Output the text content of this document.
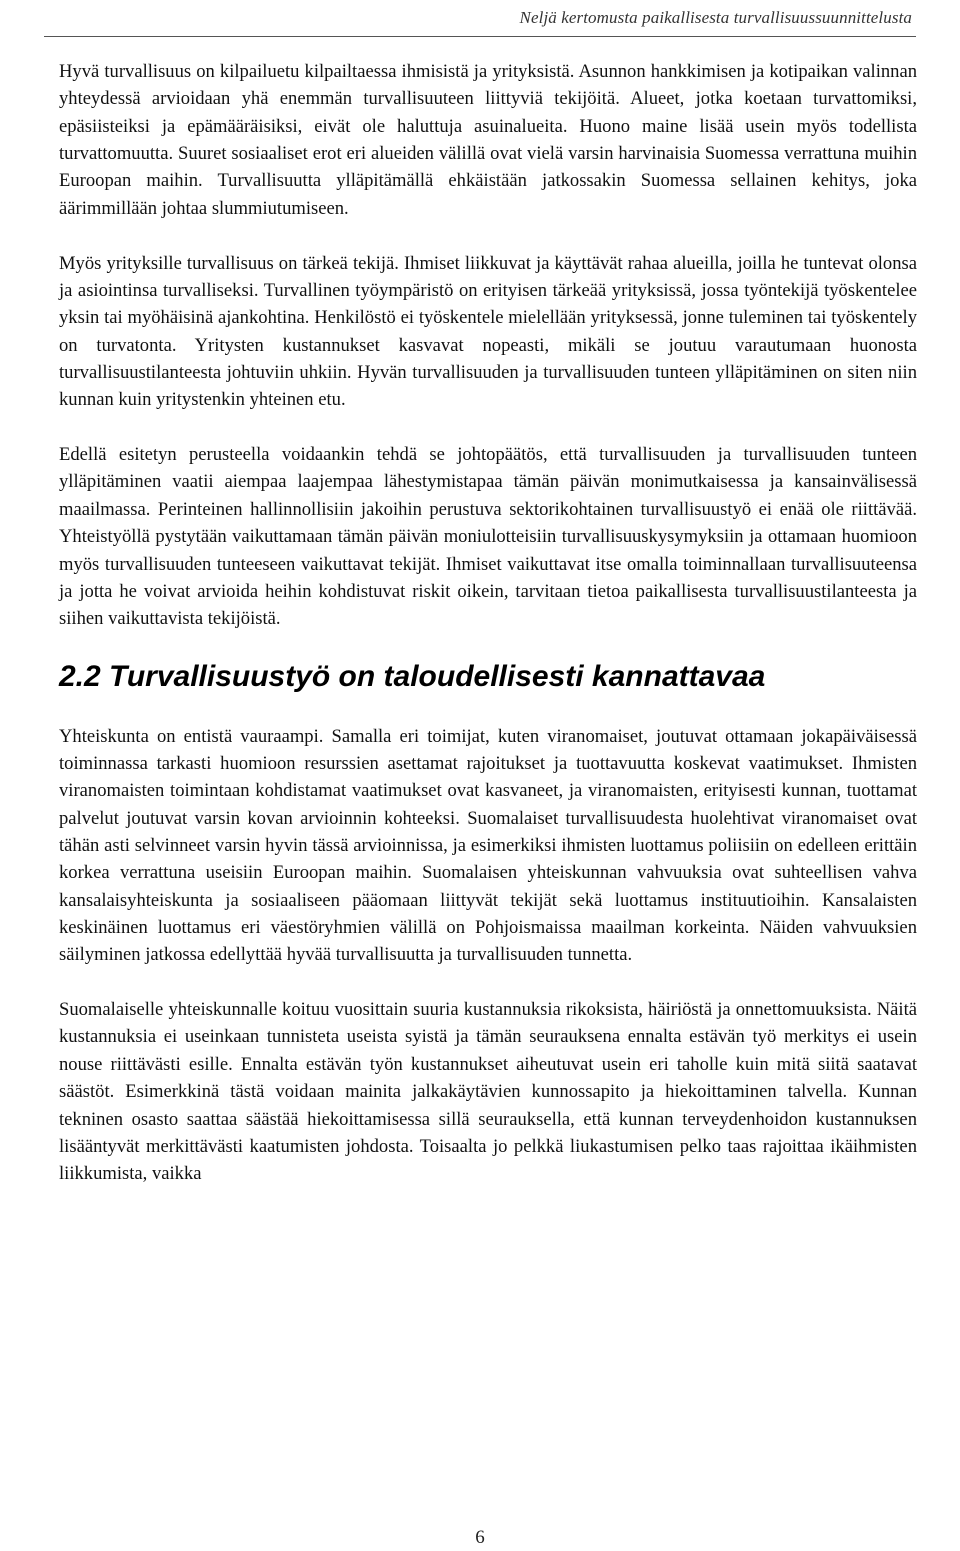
Neljä kertomusta paikallisesta turvallisuussuunnittelusta

Hyvä turvallisuus on kilpailuetu kilpailtaessa ihmisistä ja yrityksistä. Asunnon hankkimisen ja kotipaikan valinnan yhteydessä arvioidaan yhä enemmän turvallisuuteen liittyviä tekijöitä. Alueet, jotka koetaan turvattomiksi, epäsiisteiksi ja epämääräisiksi, eivät ole haluttuja asuinalueita. Huono maine lisää usein myös todellista turvattomuutta. Suuret sosiaaliset erot eri alueiden välillä ovat vielä varsin harvinaisia Suomessa verrattuna muihin Euroopan maihin. Turvallisuutta ylläpitämällä ehkäistään jatkossakin Suomessa sellainen kehitys, joka äärimmillään johtaa slummiutumiseen.

Myös yrityksille turvallisuus on tärkeä tekijä. Ihmiset liikkuvat ja käyttävät rahaa alueilla, joilla he tuntevat olonsa ja asiointinsa turvalliseksi. Turvallinen työympäristö on erityisen tärkeää yrityksissä, jossa työntekijä työskentelee yksin tai myöhäisinä ajankohtina. Henkilöstö ei työskentele mielellään yrityksessä, jonne tuleminen tai työskentely on turvatonta. Yritysten kustannukset kasvavat nopeasti, mikäli se joutuu varautumaan huonosta turvallisuustilanteesta johtuviin uhkiin. Hyvän turvallisuuden ja turvallisuuden tunteen ylläpitäminen on siten niin kunnan kuin yritystenkin yhteinen etu.

Edellä esitetyn perusteella voidaankin tehdä se johtopäätös, että turvallisuuden ja turvallisuuden tunteen ylläpitäminen vaatii aiempaa laajempaa lähestymistapaa tämän päivän monimutkaisessa ja kansainvälisessä maailmassa. Perinteinen hallinnollisiin jakoihin perustuva sektorikohtainen turvallisuustyö ei enää ole riittävää. Yhteistyöllä pystytään vaikuttamaan tämän päivän moniulotteisiin turvallisuuskysymyksiin ja ottamaan huomioon myös turvallisuuden tunteeseen vaikuttavat tekijät. Ihmiset vaikuttavat itse omalla toiminnallaan turvallisuuteensa ja jotta he voivat arvioida heihin kohdistuvat riskit oikein, tarvitaan tietoa paikallisesta turvallisuustilanteesta ja siihen vaikuttavista tekijöistä.

2.2 Turvallisuustyö on taloudellisesti kannattavaa

Yhteiskunta on entistä vauraampi. Samalla eri toimijat, kuten viranomaiset, joutuvat ottamaan jokapäiväisessä toiminnassa tarkasti huomioon resurssien asettamat rajoitukset ja tuottavuutta koskevat vaatimukset. Ihmisten viranomaisten toimintaan kohdistamat vaatimukset ovat kasvaneet, ja viranomaisten, erityisesti kunnan, tuottamat palvelut joutuvat varsin kovan arvioinnin kohteeksi. Suomalaiset turvallisuudesta huolehtivat viranomaiset ovat tähän asti selvinneet varsin hyvin tässä arvioinnissa, ja esimerkiksi ihmisten luottamus poliisiin on edelleen erittäin korkea verrattuna useisiin Euroopan maihin. Suomalaisen yhteiskunnan vahvuuksia ovat suhteellisen vahva kansalaisyhteiskunta ja sosiaaliseen pääomaan liittyvät tekijät sekä luottamus instituutioihin. Kansalaisten keskinäinen luottamus eri väestöryhmien välillä on Pohjoismaissa maailman korkeinta. Näiden vahvuuksien säilyminen jatkossa edellyttää hyvää turvallisuutta ja turvallisuuden tunnetta.

Suomalaiselle yhteiskunnalle koituu vuosittain suuria kustannuksia rikoksista, häiriöstä ja onnettomuuksista. Näitä kustannuksia ei useinkaan tunnisteta useista syistä ja tämän seurauksena ennalta estävän työ merkitys ei usein nouse riittävästi esille. Ennalta estävän työn kustannukset aiheutuvat usein eri taholle kuin mitä siitä saatavat säästöt. Esimerkkinä tästä voidaan mainita jalkakäytävien kunnossapito ja hiekoittaminen talvella. Kunnan tekninen osasto saattaa säästää hiekoittamisessa sillä seurauksella, että kunnan terveydenhoidon kustannuksen lisääntyvät merkittävästi kaatumisten johdosta. Toisaalta jo pelkkä liukastumisen pelko taas rajoittaa ikäihmisten liikkumista, vaikka

6
